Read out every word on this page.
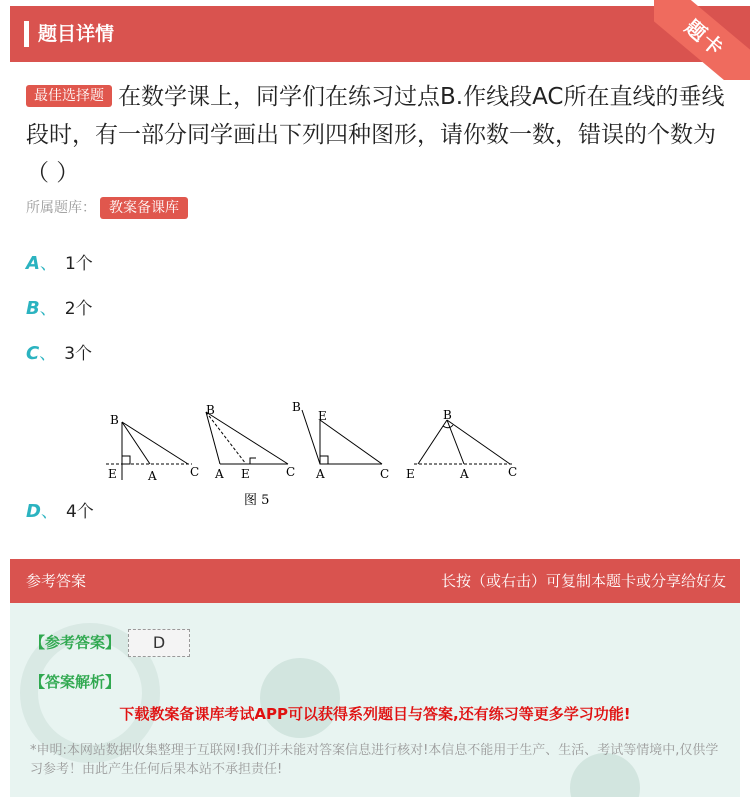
题目详情	题卡
最佳选择题 在数学课上，同学们在练习过点B.作线段AC所在直线的垂线段时，有一部分同学画出下列四种图形，请你数一数，错误的个数为（ ）
所属题库： 教案备课库
A、 1个
B、 2个
C、 3个
B
E	A	C
B
A E	C
B
E
A	C
B
E	A	C
图 5
D、 4个
参考答案	长按（或右击）可复制本题卡或分享给好友
【参考答案】 D
【答案解析】
下载教案备课库考试APP可以获得系列题目与答案,还有练习等更多学习功能!
*申明:本网站数据收集整理于互联网!我们并未能对答案信息进行核对!本信息不能用于生产、生活、考试等情境中,仅供学习参考！由此产生任何后果本站不承担责任!
